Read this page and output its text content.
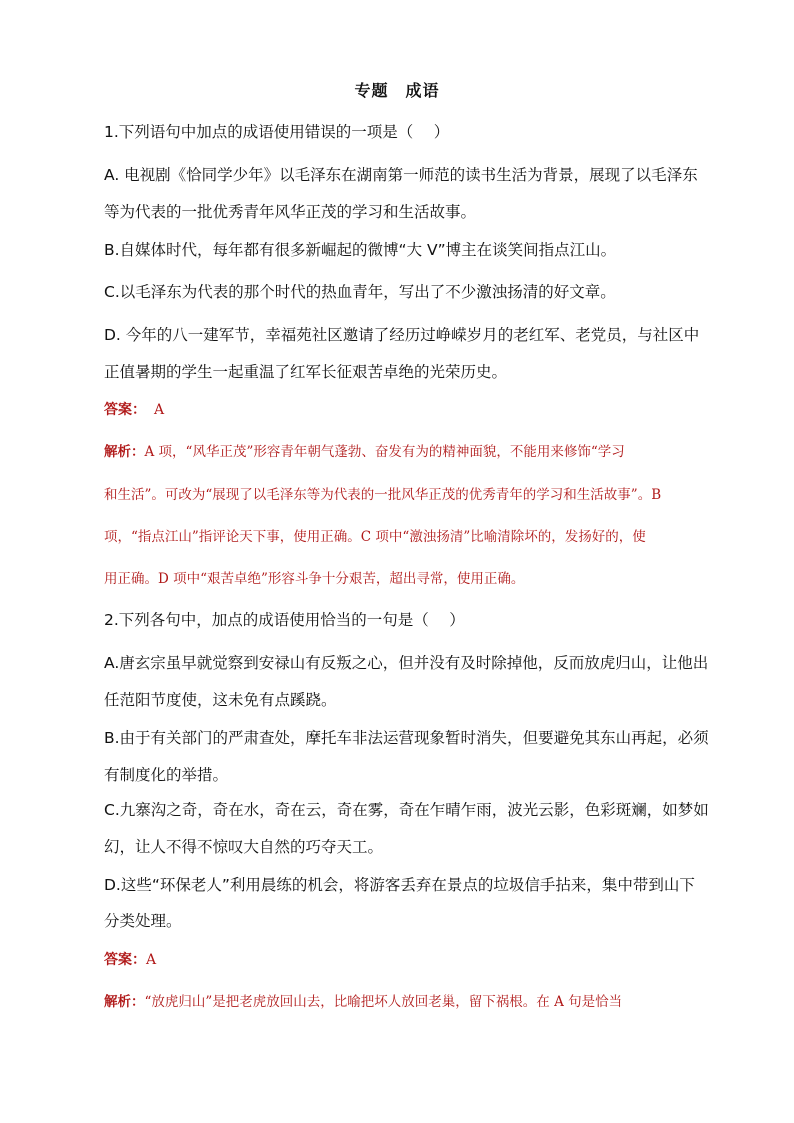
专题　成语
1.下列语句中加点的成语使用错误的一项是（　 ）
A. 电视剧《恰同学少年》以毛泽东在湖南第一师范的读书生活为背景，展现了以毛泽东
等为代表的一批优秀青年风华正茂的学习和生活故事。
B.自媒体时代，每年都有很多新崛起的微博“大 V”博主在谈笑间指点江山。
C.以毛泽东为代表的那个时代的热血青年，写出了不少激浊扬清的好文章。
D. 今年的八一建军节，幸福苑社区邀请了经历过峥嵘岁月的老红军、老党员，与社区中
正值暑期的学生一起重温了红军长征艰苦卓绝的光荣历史。
答案： A
解析：A 项，“风华正茂”形容青年朝气蓬勃、奋发有为的精神面貌，不能用来修饰“学习
和生活”。可改为“展现了以毛泽东等为代表的一批风华正茂的优秀青年的学习和生活故事”。B
项，“指点江山”指评论天下事，使用正确。C 项中“激浊扬清”比喻清除坏的，发扬好的，使
用正确。D 项中“艰苦卓绝”形容斗争十分艰苦，超出寻常，使用正确。
2.下列各句中，加点的成语使用恰当的一句是（　 ）
A.唐玄宗虽早就觉察到安禄山有反叛之心，但并没有及时除掉他，反而放虎归山，让他出
任范阳节度使，这未免有点蹊跷。
B.由于有关部门的严肃查处，摩托车非法运营现象暂时消失，但要避免其东山再起，必须
有制度化的举措。
C.九寨沟之奇，奇在水，奇在云，奇在雾，奇在乍晴乍雨，波光云影，色彩斑斓，如梦如
幻，让人不得不惊叹大自然的巧夺天工。
D.这些“环保老人”利用晨练的机会，将游客丢弃在景点的垃圾信手拈来，集中带到山下
分类处理。
答案：A
解析：“放虎归山”是把老虎放回山去，比喻把坏人放回老巢，留下祸根。在 A 句是恰当
